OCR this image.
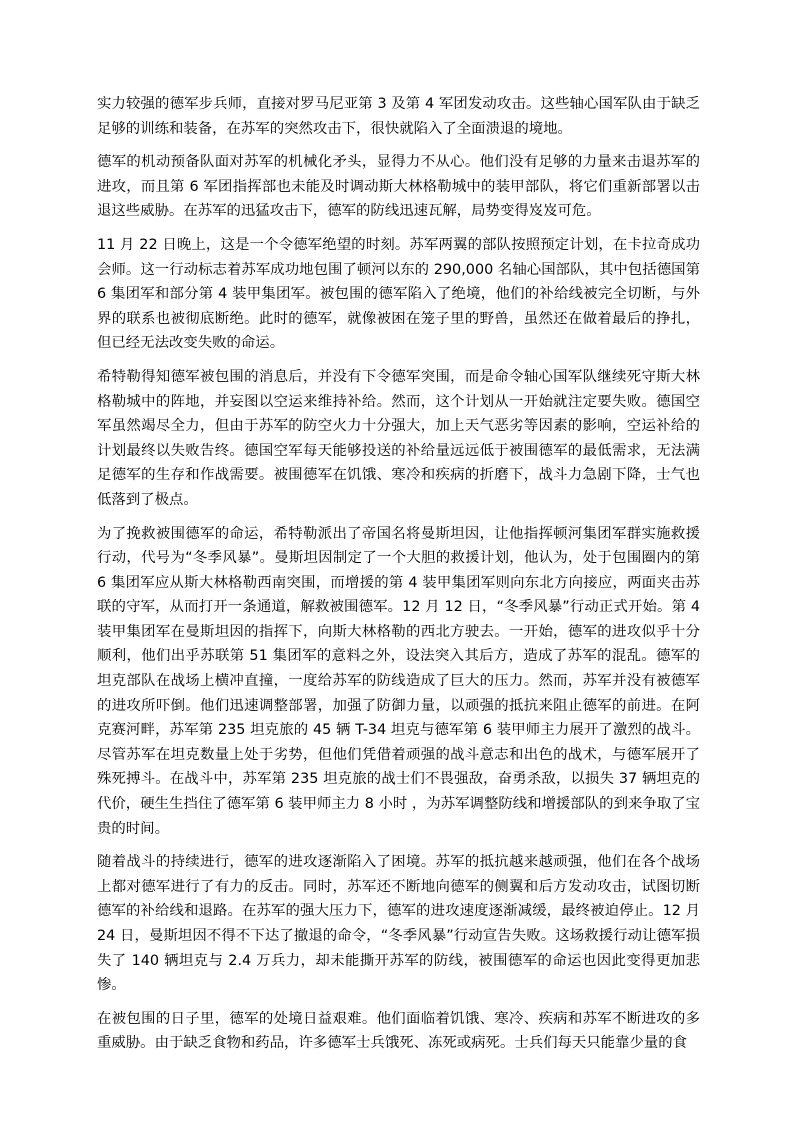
实力较强的德军步兵师，直接对罗马尼亚第 3 及第 4 军团发动攻击。这些轴心国军队由于缺乏足够的训练和装备，在苏军的突然攻击下，很快就陷入了全面溃退的境地。

德军的机动预备队面对苏军的机械化矛头，显得力不从心。他们没有足够的力量来击退苏军的进攻，而且第 6 军团指挥部也未能及时调动斯大林格勒城中的装甲部队，将它们重新部署以击退这些威胁。在苏军的迅猛攻击下，德军的防线迅速瓦解，局势变得岌岌可危。

11 月 22 日晚上，这是一个令德军绝望的时刻。苏军两翼的部队按照预定计划，在卡拉奇成功会师。这一行动标志着苏军成功地包围了顿河以东的 290,000 名轴心国部队，其中包括德国第 6 集团军和部分第 4 装甲集团军。被包围的德军陷入了绝境，他们的补给线被完全切断，与外界的联系也被彻底断绝。此时的德军，就像被困在笼子里的野兽，虽然还在做着最后的挣扎，但已经无法改变失败的命运。

希特勒得知德军被包围的消息后，并没有下令德军突围，而是命令轴心国军队继续死守斯大林格勒城中的阵地，并妄图以空运来维持补给。然而，这个计划从一开始就注定要失败。德国空军虽然竭尽全力，但由于苏军的防空火力十分强大，加上天气恶劣等因素的影响，空运补给的计划最终以失败告终。德国空军每天能够投送的补给量远远低于被围德军的最低需求，无法满足德军的生存和作战需要。被围德军在饥饿、寒冷和疾病的折磨下，战斗力急剧下降，士气也低落到了极点。

为了挽救被围德军的命运，希特勒派出了帝国名将曼斯坦因，让他指挥顿河集团军群实施救援行动，代号为“冬季风暴”。曼斯坦因制定了一个大胆的救援计划，他认为，处于包围圈内的第 6 集团军应从斯大林格勒西南突围，而增援的第 4 装甲集团军则向东北方向接应，两面夹击苏联的守军，从而打开一条通道，解救被围德军。12 月 12 日，“冬季风暴”行动正式开始。第 4 装甲集团军在曼斯坦因的指挥下，向斯大林格勒的西北方驶去。一开始，德军的进攻似乎十分顺利，他们出乎苏联第 51 集团军的意料之外，设法突入其后方，造成了苏军的混乱。德军的坦克部队在战场上横冲直撞，一度给苏军的防线造成了巨大的压力。然而，苏军并没有被德军的进攻所吓倒。他们迅速调整部署，加强了防御力量，以顽强的抵抗来阻止德军的前进。在阿克赛河畔，苏军第 235 坦克旅的 45 辆 T-34 坦克与德军第 6 装甲师主力展开了激烈的战斗。尽管苏军在坦克数量上处于劣势，但他们凭借着顽强的战斗意志和出色的战术，与德军展开了殊死搏斗。在战斗中，苏军第 235 坦克旅的战士们不畏强敌，奋勇杀敌，以损失 37 辆坦克的代价，硬生生挡住了德军第 6 装甲师主力 8 小时 ，为苏军调整防线和增援部队的到来争取了宝贵的时间。

随着战斗的持续进行，德军的进攻逐渐陷入了困境。苏军的抵抗越来越顽强，他们在各个战场上都对德军进行了有力的反击。同时，苏军还不断地向德军的侧翼和后方发动攻击，试图切断德军的补给线和退路。在苏军的强大压力下，德军的进攻速度逐渐减缓，最终被迫停止。12 月 24 日，曼斯坦因不得不下达了撤退的命令，“冬季风暴”行动宣告失败。这场救援行动让德军损失了 140 辆坦克与 2.4 万兵力，却未能撕开苏军的防线，被围德军的命运也因此变得更加悲惨。

在被包围的日子里，德军的处境日益艰难。他们面临着饥饿、寒冷、疾病和苏军不断进攻的多重威胁。由于缺乏食物和药品，许多德军士兵饿死、冻死或病死。士兵们每天只能靠少量的食
